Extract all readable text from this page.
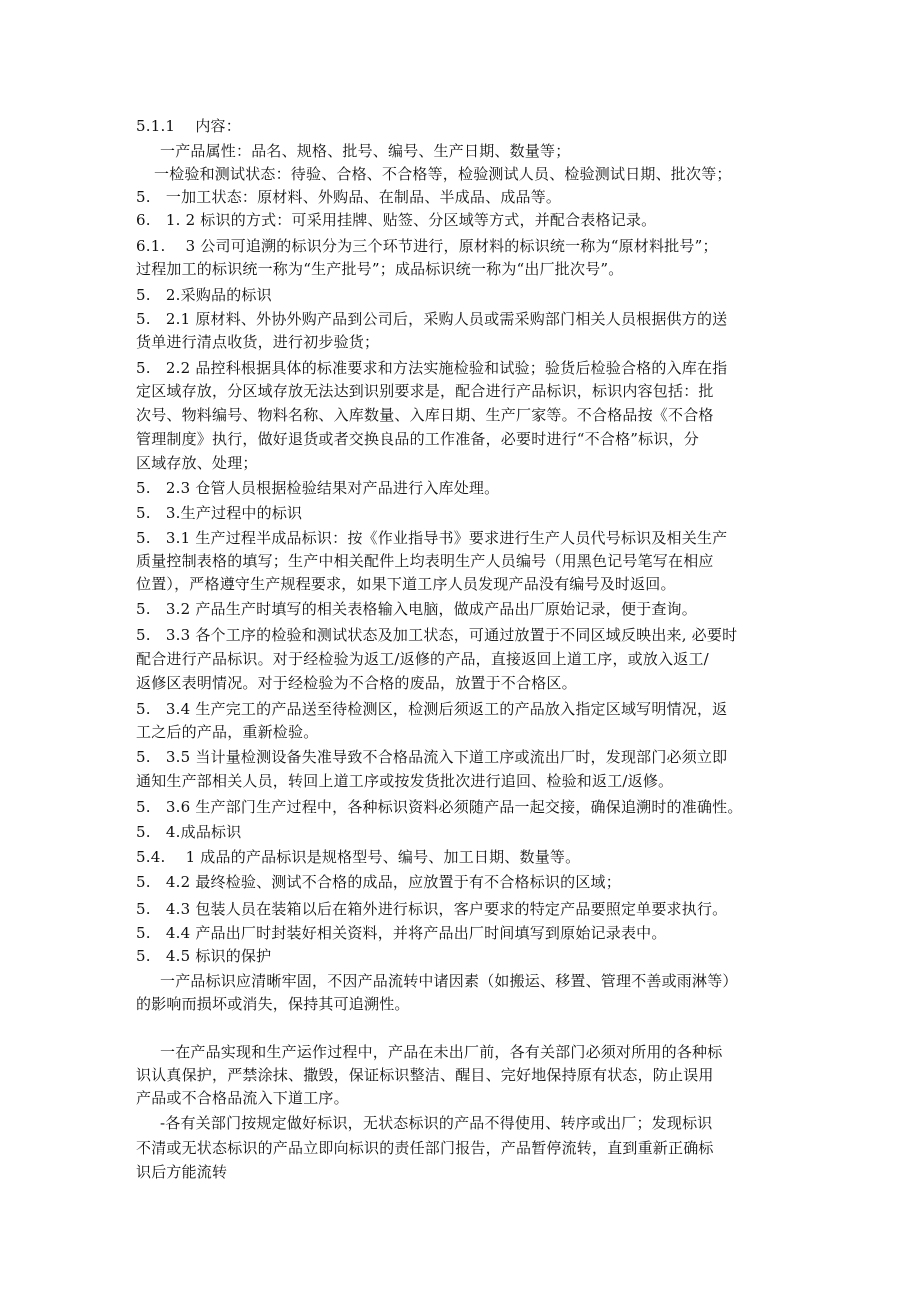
5.1.1　 内容：
一产品属性：品名、规格、批号、编号、生产日期、数量等；
一检验和测试状态：待验、合格、不合格等，检验测试人员、检验测试日期、批次等；
5.　一加工状态：原材料、外购品、在制品、半成品、成品等。
6.　1. 2 标识的方式：可采用挂牌、贴签、分区域等方式，并配合表格记录。
6.1.　 3 公司可追溯的标识分为三个环节进行，原材料的标识统一称为“原材料批号”；
过程加工的标识统一称为“生产批号”；成品标识统一称为“出厂批次号”。
5.　2.采购品的标识
5.　2.1 原材料、外协外购产品到公司后，采购人员或需采购部门相关人员根据供方的送
货单进行清点收货，进行初步验货；
5.　2.2 品控科根据具体的标准要求和方法实施检验和试验；验货后检验合格的入库在指
定区域存放，分区域存放无法达到识别要求是，配合进行产品标识，标识内容包括：批
次号、物料编号、物料名称、入库数量、入库日期、生产厂家等。不合格品按《不合格
管理制度》执行，做好退货或者交换良品的工作准备，必要时进行“不合格”标识，分
区域存放、处理；
5.　2.3 仓管人员根据检验结果对产品进行入库处理。
5.　3.生产过程中的标识
5.　3.1 生产过程半成品标识：按《作业指导书》要求进行生产人员代号标识及相关生产
质量控制表格的填写；生产中相关配件上均表明生产人员编号（用黑色记号笔写在相应
位置），严格遵守生产规程要求，如果下道工序人员发现产品没有编号及时返回。
5.　3.2 产品生产时填写的相关表格输入电脑，做成产品出厂原始记录，便于查询。
5.　3.3 各个工序的检验和测试状态及加工状态，可通过放置于不同区域反映出来, 必要时
配合进行产品标识。对于经检验为返工/返修的产品，直接返回上道工序，或放入返工/
返修区表明情况。对于经检验为不合格的废品，放置于不合格区。
5.　3.4 生产完工的产品送至待检测区，检测后须返工的产品放入指定区域写明情况，返
工之后的产品，重新检验。
5.　3.5 当计量检测设备失准导致不合格品流入下道工序或流出厂时，发现部门必须立即
通知生产部相关人员，转回上道工序或按发货批次进行追回、检验和返工/返修。
5.　3.6 生产部门生产过程中，各种标识资料必须随产品一起交接，确保追溯时的准确性。
5.　4.成品标识
5.4.　 1 成品的产品标识是规格型号、编号、加工日期、数量等。
5.　4.2 最终检验、测试不合格的成品，应放置于有不合格标识的区域；
5.　4.3 包装人员在装箱以后在箱外进行标识，客户要求的特定产品要照定单要求执行。
5.　4.4 产品出厂时封装好相关资料，并将产品出厂时间填写到原始记录表中。
5.　4.5 标识的保护
一产品标识应清晰牢固，不因产品流转中诸因素（如搬运、移置、管理不善或雨淋等）
的影响而损坏或消失，保持其可追溯性。
一在产品实现和生产运作过程中，产品在未出厂前，各有关部门必须对所用的各种标
识认真保护，严禁涂抹、撒毁，保证标识整洁、醒目、完好地保持原有状态，防止误用
产品或不合格品流入下道工序。
-各有关部门按规定做好标识，无状态标识的产品不得使用、转序或出厂；发现标识
不清或无状态标识的产品立即向标识的责任部门报告，产品暂停流转，直到重新正确标
识后方能流转
